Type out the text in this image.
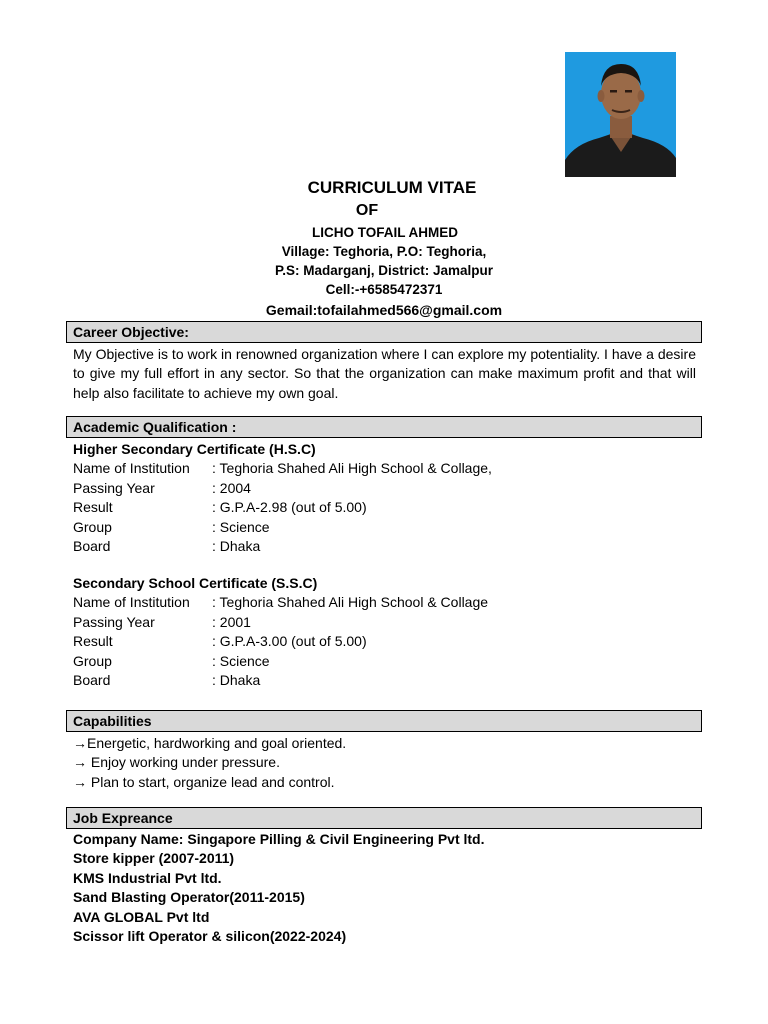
CURRICULUM VITAE
OF
LICHO TOFAIL AHMED
Village: Teghoria, P.O: Teghoria,
P.S: Madarganj, District: Jamalpur
Cell:-+6585472371
Gemail:tofailahmed566@gmail.com
Career Objective:
My Objective is to work in renowned organization where I can explore my potentiality. I have a desire to give my full effort in any sector. So that the organization can make maximum profit and that will help also facilitate to achieve my own goal.
Academic Qualification :
Higher Secondary Certificate (H.S.C)
Name of Institution	: Teghoria Shahed Ali High School & Collage,
Passing Year	: 2004
Result	: G.P.A-2.98 (out of 5.00)
Group	: Science
Board	: Dhaka
Secondary School Certificate (S.S.C)
Name of Institution	: Teghoria Shahed Ali High School & Collage
Passing Year	: 2001
Result	: G.P.A-3.00 (out of 5.00)
Group	: Science
Board	: Dhaka
Capabilities
→Energetic, hardworking and goal oriented.
→ Enjoy working under pressure.
→ Plan to start, organize lead and control.
Job Expreance
Company Name: Singapore Pilling & Civil Engineering Pvt ltd.
Store kipper (2007-2011)
KMS Industrial Pvt ltd.
Sand Blasting Operator(2011-2015)
AVA GLOBAL Pvt ltd
Scissor lift Operator & silicon(2022-2024)
